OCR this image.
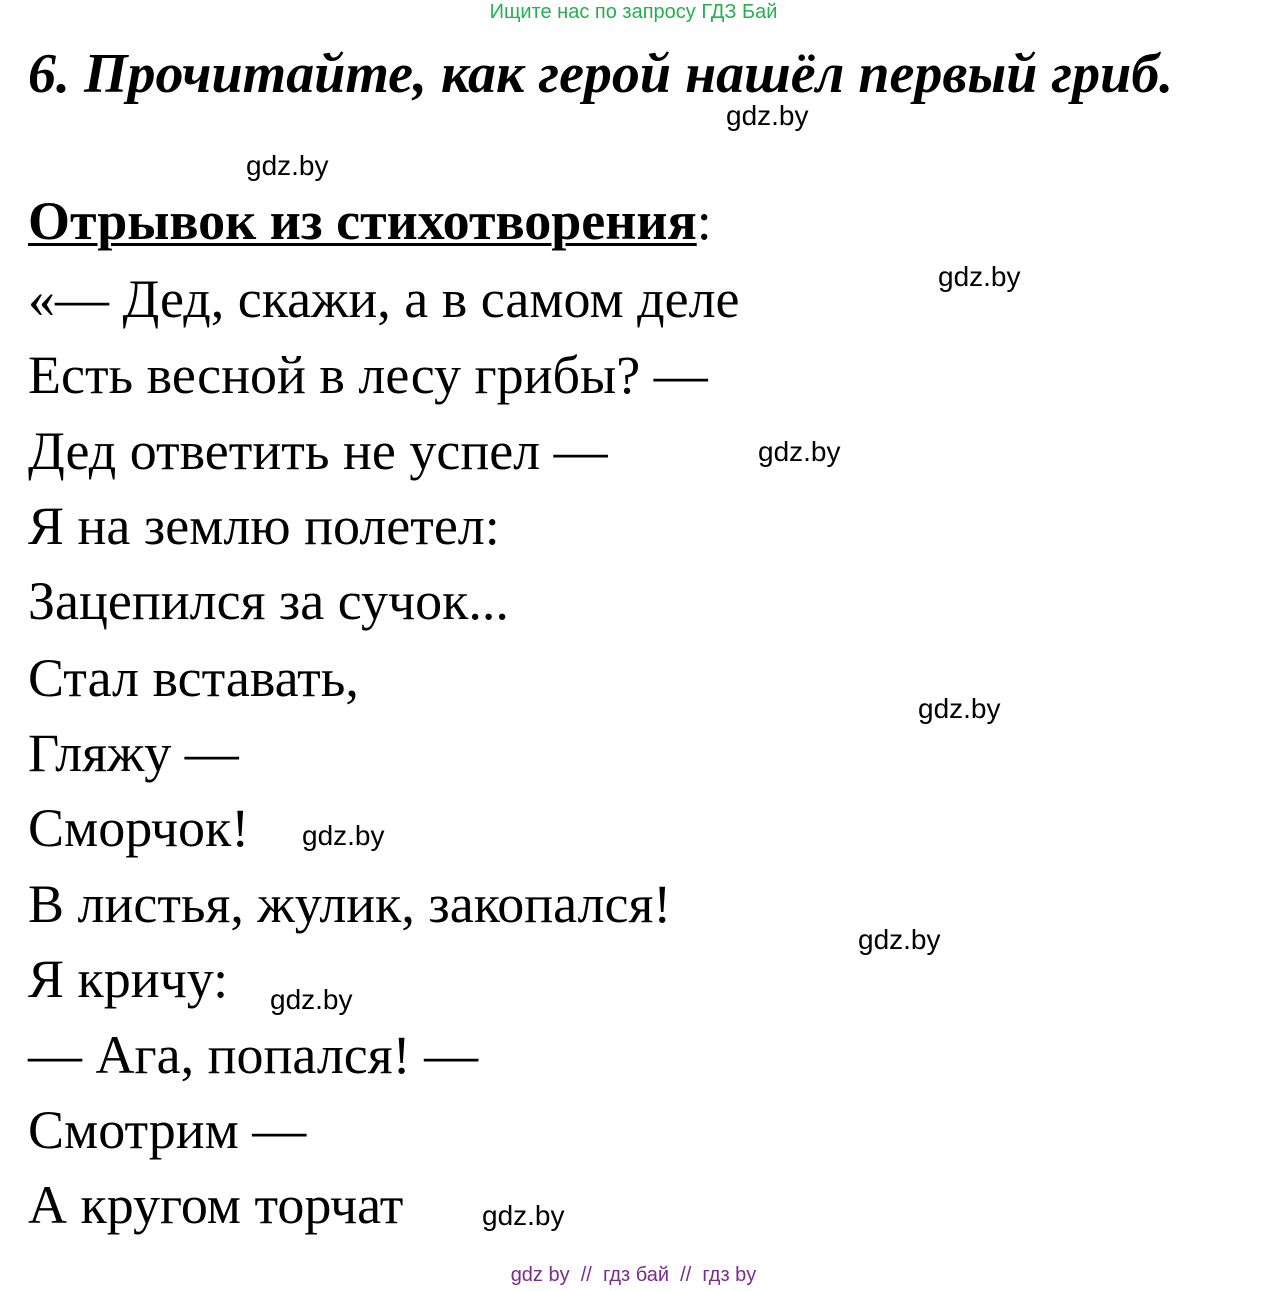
Ищите нас по запросу ГДЗ Бай
6. Прочитайте, как герой нашёл первый гриб.
gdz.by
gdz.by
Отрывок из стихотворения:
gdz.by
«— Дед, скажи, а в самом деле
Есть весной в лесу грибы? —
Дед ответить не успел —	gdz.by
Я на землю полетел:
Зацепился за сучок...
Стал вставать,
gdz.by
Гляжу —
Сморчок! gdz.by
В листья, жулик, закопался!
gdz.by
Я кричу: gdz.by
— Ага, попался! —
Смотрим —
А кругом торчат	gdz.by
gdz by  //  гдз бай  //  гдз by
